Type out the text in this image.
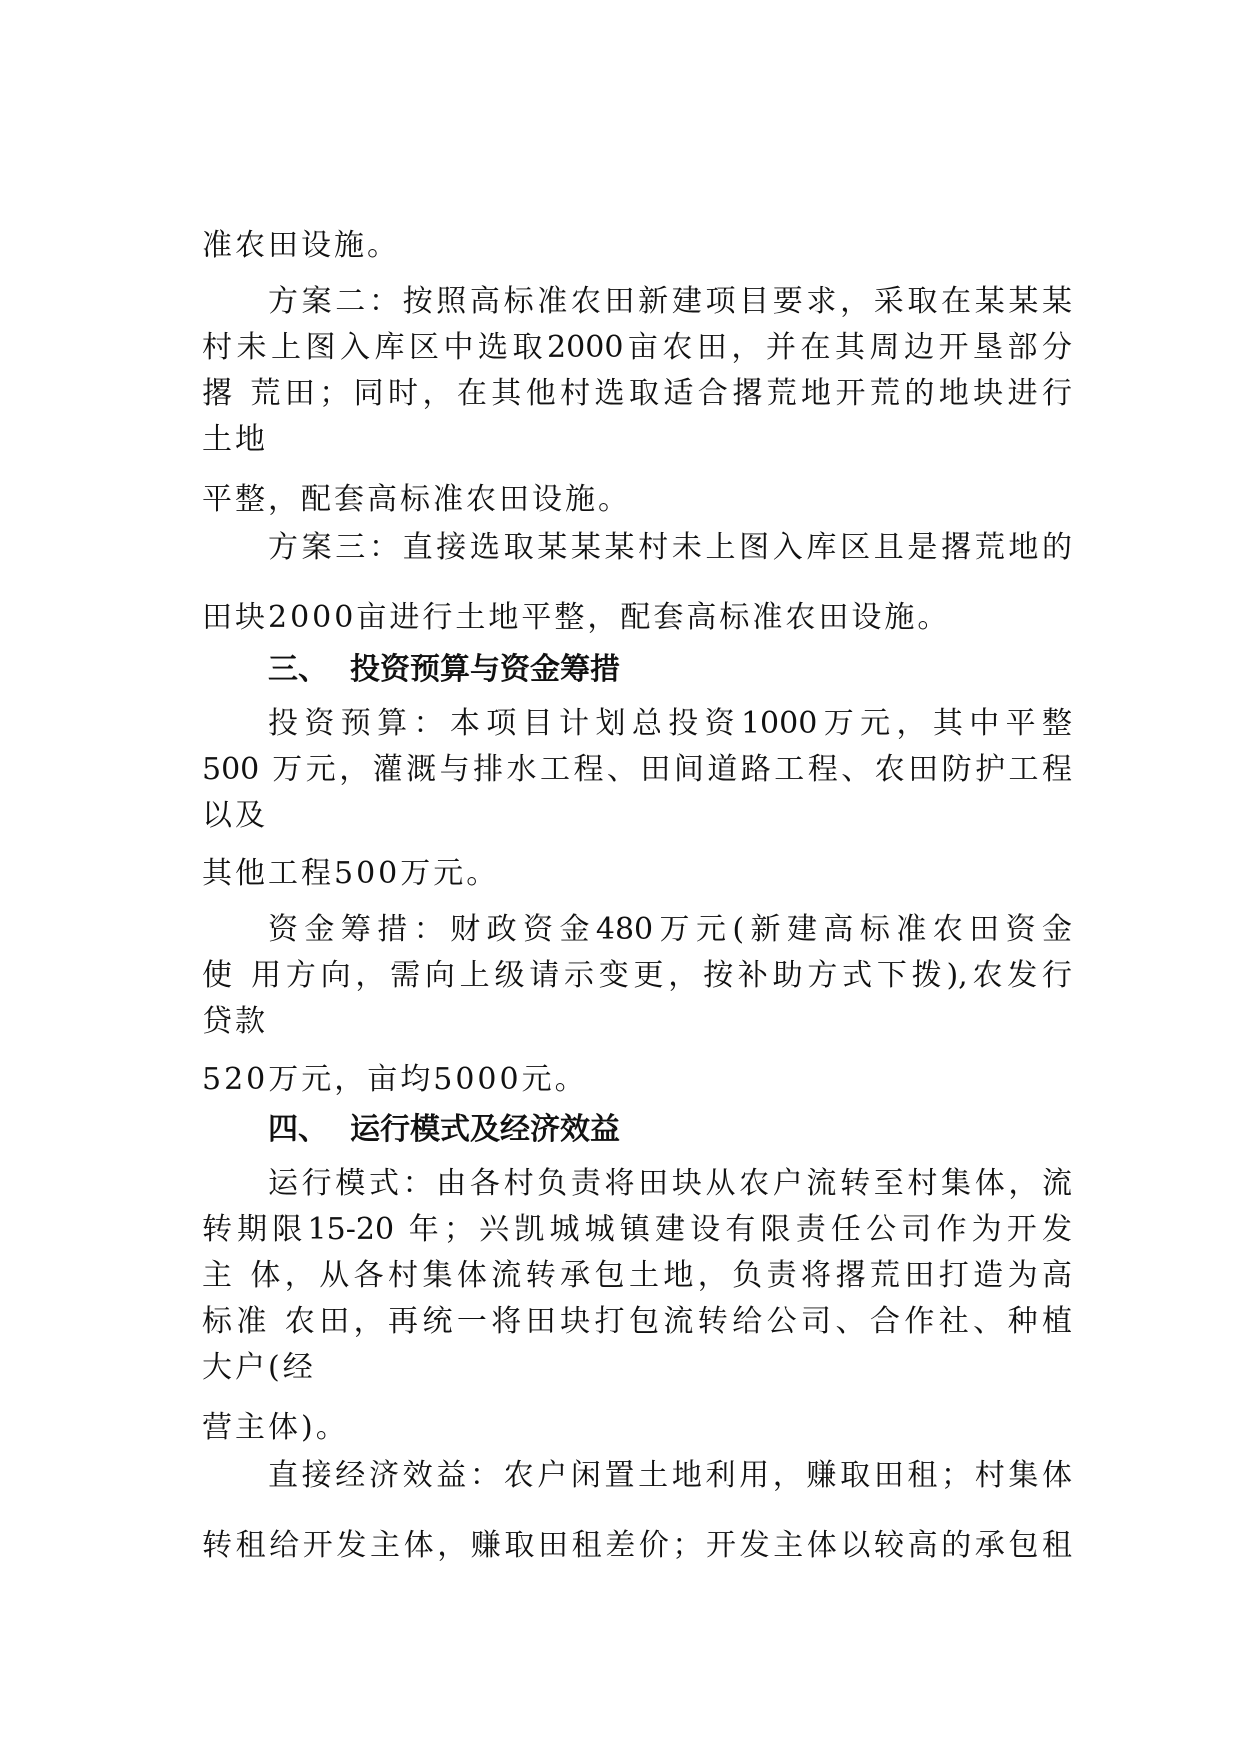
准农田设施。
方案二：按照高标准农田新建项目要求，采取在某某某
村未上图入库区中选取2000亩农田，并在其周边开垦部分
撂 荒田；同时，在其他村选取适合撂荒地开荒的地块进行
土地
平整，配套高标准农田设施。
方案三：直接选取某某某村未上图入库区且是撂荒地的
田块2000亩进行土地平整，配套高标准农田设施。
三、 投资预算与资金筹措
投资预算：本项目计划总投资1000万元，其中平整
500 万元，灌溉与排水工程、田间道路工程、农田防护工程
以及
其他工程500万元。
资金筹措：财政资金480万元(新建高标准农田资金
使 用方向，需向上级请示变更，按补助方式下拨),农发行
贷款
520万元，亩均5000元。
四、 运行模式及经济效益
运行模式：由各村负责将田块从农户流转至村集体，流
转期限15-20 年；兴凯城城镇建设有限责任公司作为开发
主 体，从各村集体流转承包土地，负责将撂荒田打造为高
标准 农田，再统一将田块打包流转给公司、合作社、种植
大户(经
营主体)。
直接经济效益：农户闲置土地利用，赚取田租；村集体
转租给开发主体，赚取田租差价；开发主体以较高的承包租
